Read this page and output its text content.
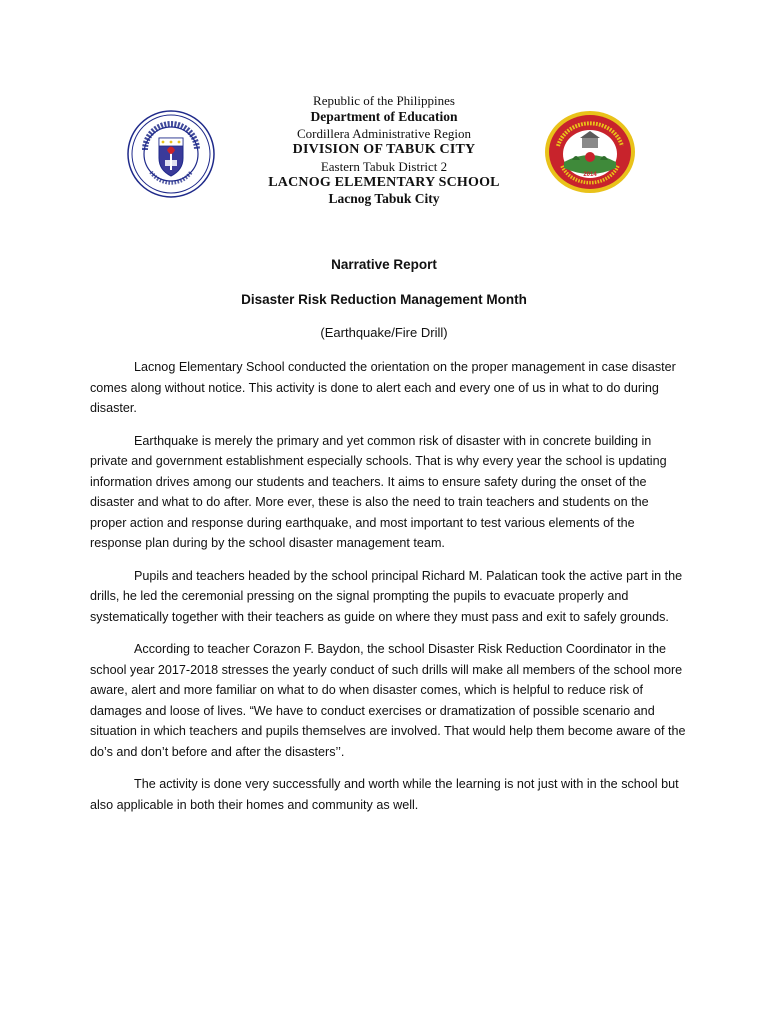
2014
Republic of the Philippines
Department of Education
Cordillera Administrative Region
DIVISION OF TABUK CITY
Eastern Tabuk District 2
LACNOG ELEMENTARY SCHOOL
Lacnog Tabuk City
Narrative Report
Disaster Risk Reduction Management Month
(Earthquake/Fire Drill)

Lacnog Elementary School conducted the orientation on the proper management in case disaster comes along without notice. This activity is done to alert each and every one of us in what to do during disaster.

Earthquake is merely the primary and yet common risk of disaster with in concrete building in private and government establishment especially schools. That is why every year the school is updating information drives among our students and teachers. It aims to ensure safety during the onset of the disaster and what to do after. More ever, these is also the need to train teachers and students on the proper action and response during earthquake, and most important to test various elements of the response plan during by the school disaster management team.

Pupils and teachers headed by the school principal Richard M. Palatican took the active part in the drills, he led the ceremonial pressing on the signal prompting the pupils to evacuate properly and systematically together with their teachers as guide on where they must pass and exit to safely grounds.

According to teacher Corazon F. Baydon, the school Disaster Risk Reduction Coordinator in the school year 2017-2018 stresses the yearly conduct of such drills will make all members of the school more aware, alert and more familiar on what to do when disaster comes, which is helpful to reduce risk of damages and loose of lives. “We have to conduct exercises or dramatization of possible scenario and situation in which teachers and pupils themselves are involved. That would help them become aware of the do’s and don’t before and after the disasters’’.

The activity is done very successfully and worth while the learning is not just with in the school but also applicable in both their homes and community as well.
